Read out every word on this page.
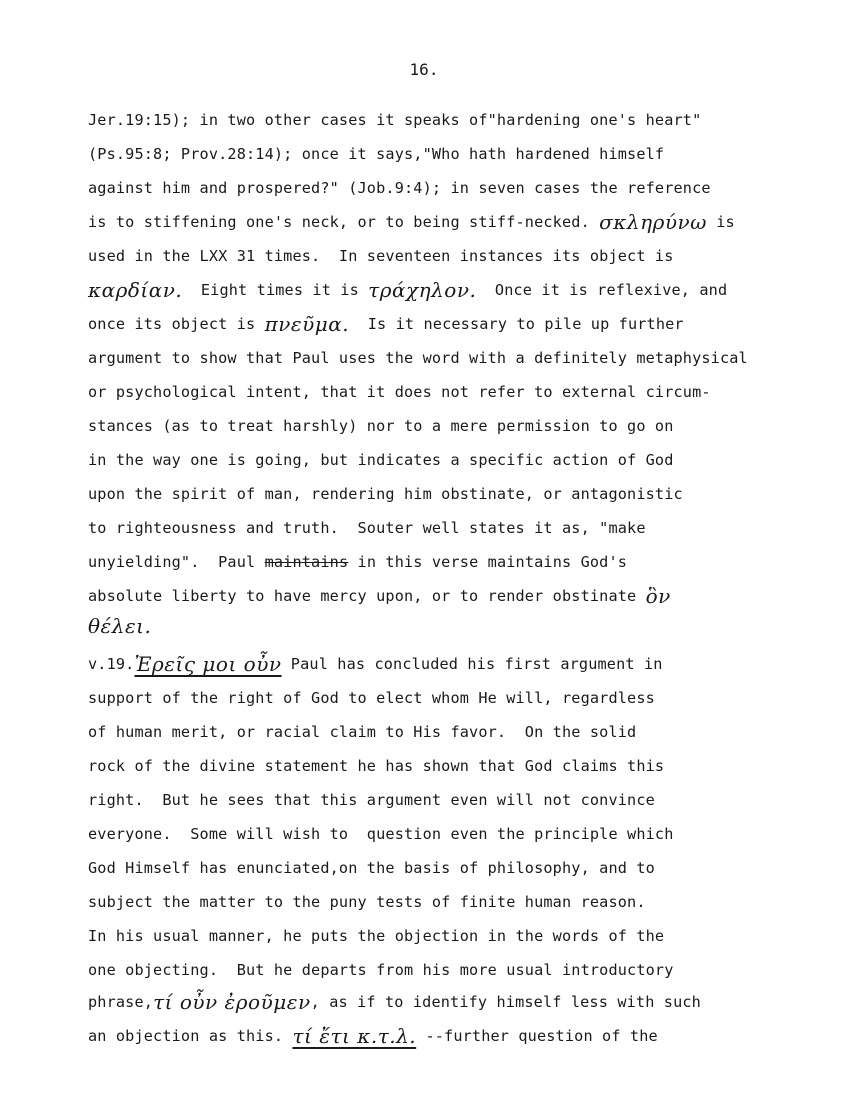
16.
Jer.19:15); in two other cases it speaks of"hardening one's heart"
(Ps.95:8; Prov.28:14); once it says,"Who hath hardened himself
against him and prospered?" (Job.9:4); in seven cases the reference
is to stiffening one's neck, or to being stiff-necked. σκληρύνω is
used in the LXX 31 times.  In seventeen instances its object is
καρδίαν.  Eight times it is τράχηλον.  Once it is reflexive, and
once its object is πνεῦμα.  Is it necessary to pile up further
argument to show that Paul uses the word with a definitely metaphysical
or psychological intent, that it does not refer to external circum-
stances (as to treat harshly) nor to a mere permission to go on
in the way one is going, but indicates a specific action of God
upon the spirit of man, rendering him obstinate, or antagonistic
to righteousness and truth.  Souter well states it as, "make
unyielding".  Paul maintains in this verse maintains God's
absolute liberty to have mercy upon, or to render obstinate ὃν
θέλει.
v.19.Ἐρεῖς μοι οὖν Paul has concluded his first argument in
support of the right of God to elect whom He will, regardless
of human merit, or racial claim to His favor.  On the solid
rock of the divine statement he has shown that God claims this
right.  But he sees that this argument even will not convince
everyone.  Some will wish to  question even the principle which
God Himself has enunciated,on the basis of philosophy, and to
subject the matter to the puny tests of finite human reason.
In his usual manner, he puts the objection in the words of the
one objecting.  But he departs from his more usual introductory
phrase,τί οὖν ἐροῦμεν, as if to identify himself less with such
an objection as this. τί ἔτι κ.τ.λ. --further question of the
